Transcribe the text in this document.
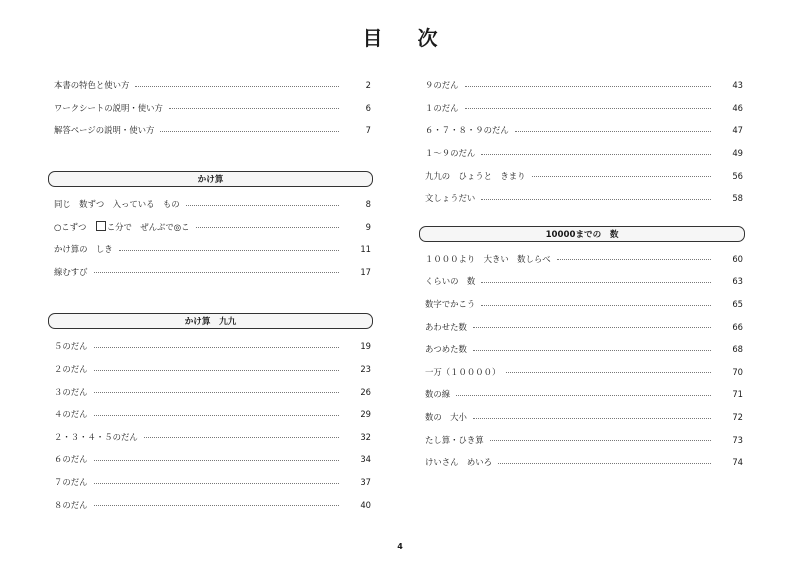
目 次
本書の特色と使い方	2
ワークシートの説明・使い方	6
解答ページの説明・使い方	7
かけ算
同じ　数ずつ　入っている　もの	8
○こずつ　こ分で　ぜんぶで◎こ	9
かけ算の　しき	11
線むすび	17
かけ算　九九
５のだん	19
２のだん	23
３のだん	26
４のだん	29
２・３・４・５のだん	32
６のだん	34
７のだん	37
８のだん	40
９のだん	43
１のだん	46
６・７・８・９のだん	47
１〜９のだん	49
九九の　ひょうと　きまり	56
文しょうだい	58
10000までの　数
１０００より　大きい　数しらべ	60
くらいの　数	63
数字でかこう	65
あわせた数	66
あつめた数	68
一万（１００００）	70
数の線	71
数の　大小	72
たし算・ひき算	73
けいさん　めいろ	74
4
